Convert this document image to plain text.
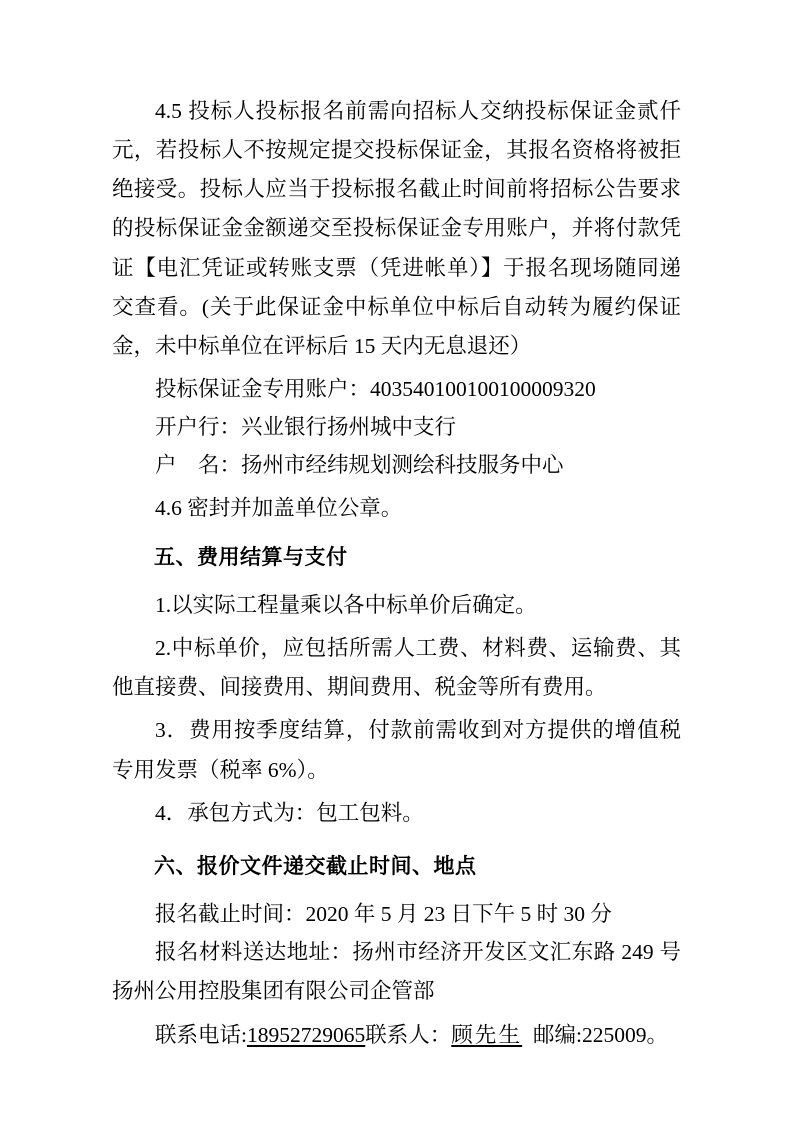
4.5 投标人投标报名前需向招标人交纳投标保证金贰仟元，若投标人不按规定提交投标保证金，其报名资格将被拒绝接受。投标人应当于投标报名截止时间前将招标公告要求的投标保证金金额递交至投标保证金专用账户，并将付款凭证【电汇凭证或转账支票（凭进帐单）】于报名现场随同递交查看。(关于此保证金中标单位中标后自动转为履约保证金，未中标单位在评标后 15 天内无息退还）

投标保证金专用账户：403540100100100009320

开户行：兴业银行扬州城中支行

户　名：扬州市经纬规划测绘科技服务中心

4.6 密封并加盖单位公章。

五、费用结算与支付

1.以实际工程量乘以各中标单价后确定。

2.中标单价，应包括所需人工费、材料费、运输费、其他直接费、间接费用、期间费用、税金等所有费用。

3．费用按季度结算，付款前需收到对方提供的增值税专用发票（税率 6%）。

4．承包方式为：包工包料。

六、报价文件递交截止时间、地点

报名截止时间：2020 年 5 月 23 日下午 5 时 30 分

报名材料送达地址：扬州市经济开发区文汇东路 249 号扬州公用控股集团有限公司企管部

联系电话:18952729065联系人：顾先生 邮编:225009。
